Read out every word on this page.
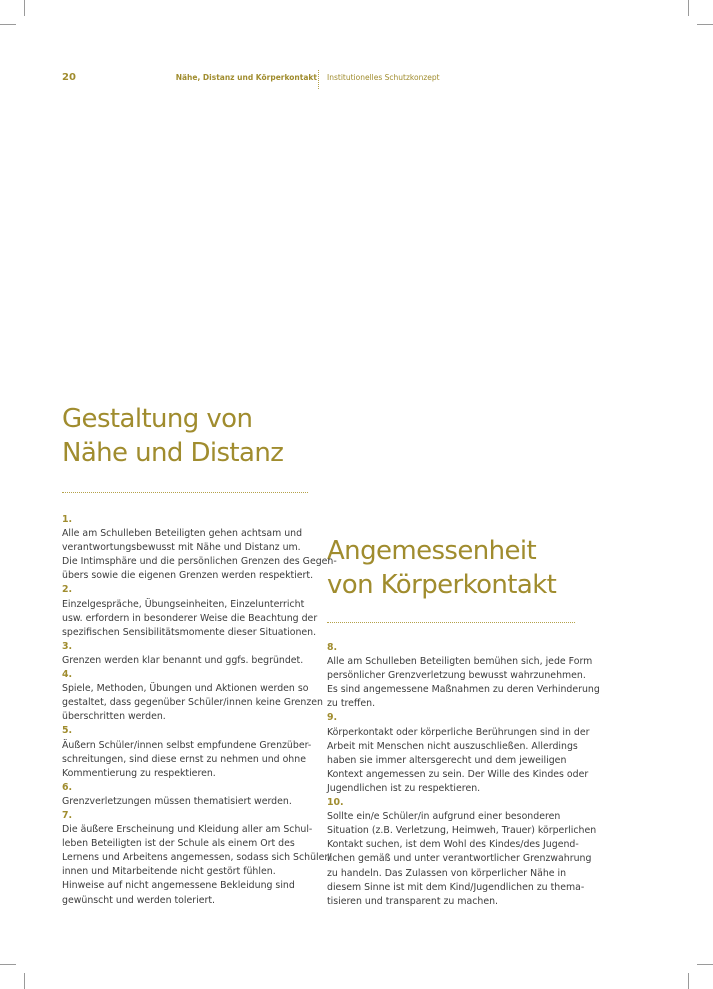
20	Nähe, Distanz und Körperkontakt Institutionelles Schutzkonzept
Gestaltung von
Nähe und Distanz
Angemessenheit
von Körperkontakt
1.
Alle am Schulleben Beteiligten gehen achtsam und
verantwortungsbewusst mit Nähe und Distanz um.
Die Intimsphäre und die persönlichen Grenzen des Gegen-
übers sowie die eigenen Grenzen werden respektiert.
2.
Einzelgespräche, Übungseinheiten, Einzelunterricht
usw. erfordern in besonderer Weise die Beachtung der
spezifischen Sensibilitätsmomente dieser Situationen.
3.
Grenzen werden klar benannt und ggfs. begründet.
4.
Spiele, Methoden, Übungen und Aktionen werden so
gestaltet, dass gegenüber Schüler/innen keine Grenzen
überschritten werden.
5.
Äußern Schüler/innen selbst empfundene Grenzüber-
schreitungen, sind diese ernst zu nehmen und ohne
Kommentierung zu respektieren.
6.
Grenzverletzungen müssen thematisiert werden.
7.
Die äußere Erscheinung und Kleidung aller am Schul-
leben Beteiligten ist der Schule als einem Ort des
Lernens und Arbeitens angemessen, sodass sich Schüler/
innen und Mitarbeitende nicht gestört fühlen.
Hinweise auf nicht angemessene Bekleidung sind
gewünscht und werden toleriert.
8.
Alle am Schulleben Beteiligten bemühen sich, jede Form
persönlicher Grenzverletzung bewusst wahrzunehmen.
Es sind angemessene Maßnahmen zu deren Verhinderung
zu treffen.
9.
Körperkontakt oder körperliche Berührungen sind in der
Arbeit mit Menschen nicht auszuschließen. Allerdings
haben sie immer altersgerecht und dem jeweiligen
Kontext angemessen zu sein. Der Wille des Kindes oder
Jugendlichen ist zu respektieren.
10.
Sollte ein/e Schüler/in aufgrund einer besonderen
Situation (z.B. Verletzung, Heimweh, Trauer) körperlichen
Kontakt suchen, ist dem Wohl des Kindes/des Jugend-
lichen gemäß und unter verantwortlicher Grenzwahrung
zu handeln. Das Zulassen von körperlicher Nähe in
diesem Sinne ist mit dem Kind/Jugendlichen zu thema-
tisieren und transparent zu machen.
